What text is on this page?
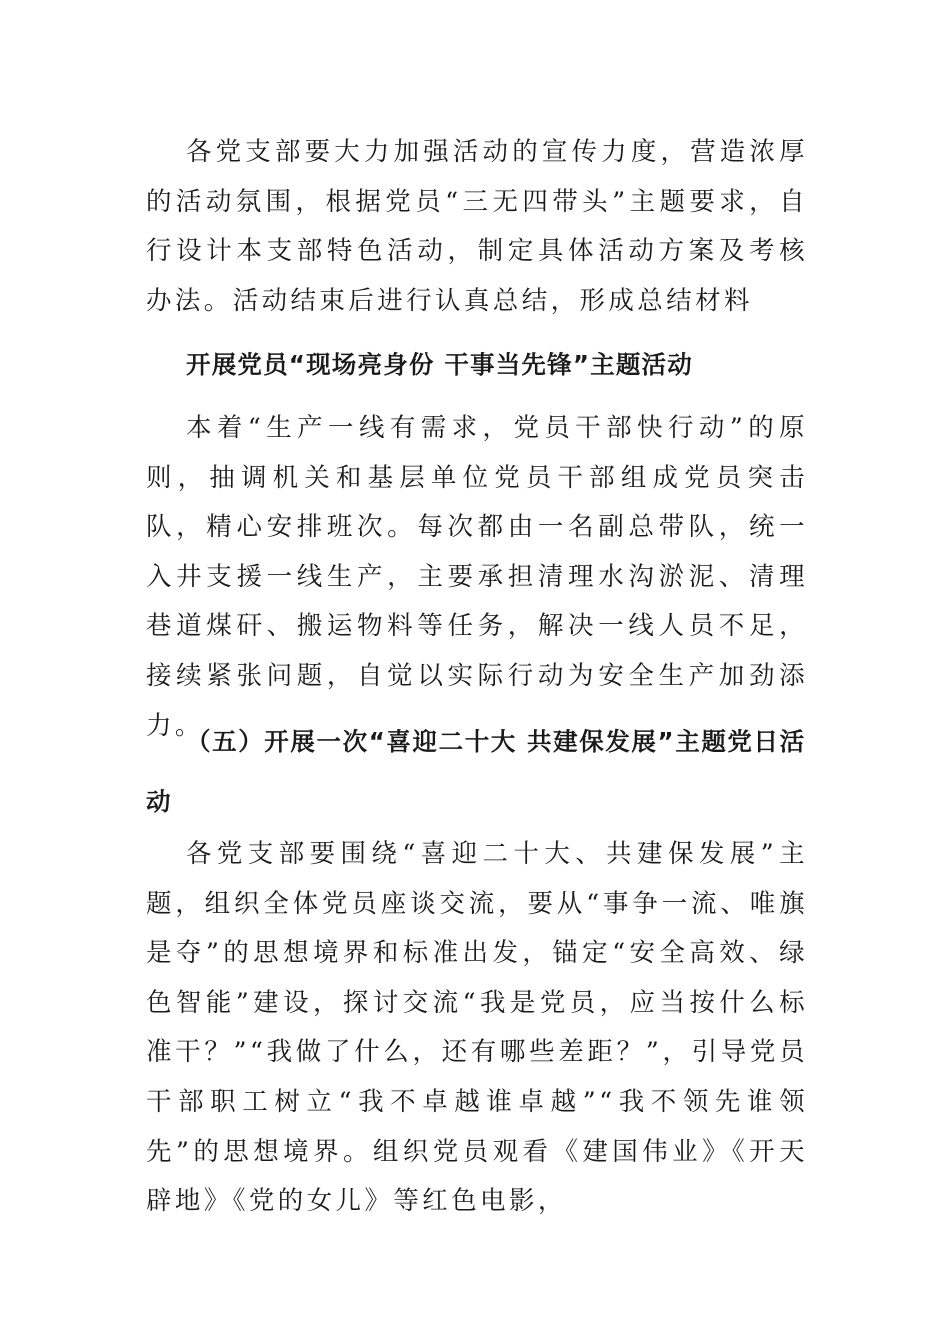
各党支部要大力加强活动的宣传力度，营造浓厚的活动氛围，根据党员“三无四带头”主题要求，自行设计本支部特色活动，制定具体活动方案及考核办法。活动结束后进行认真总结，形成总结材料

开展党员“现场亮身份 干事当先锋”主题活动

本着“生产一线有需求，党员干部快行动”的原则，抽调机关和基层单位党员干部组成党员突击队，精心安排班次。每次都由一名副总带队，统一入井支援一线生产，主要承担清理水沟淤泥、清理巷道煤矸、搬运物料等任务，解决一线人员不足，接续紧张问题，自觉以实际行动为安全生产加劲添力。

（五）开展一次“喜迎二十大 共建保发展”主题党日活动

各党支部要围绕“喜迎二十大、共建保发展”主题，组织全体党员座谈交流，要从“事争一流、唯旗是夺”的思想境界和标准出发，锚定“安全高效、绿色智能”建设，探讨交流“我是党员，应当按什么标准干？”“我做了什么，还有哪些差距？”，引导党员干部职工树立“我不卓越谁卓越”“我不领先谁领先”的思想境界。组织党员观看《建国伟业》《开天辟地》《党的女儿》等红色电影，
